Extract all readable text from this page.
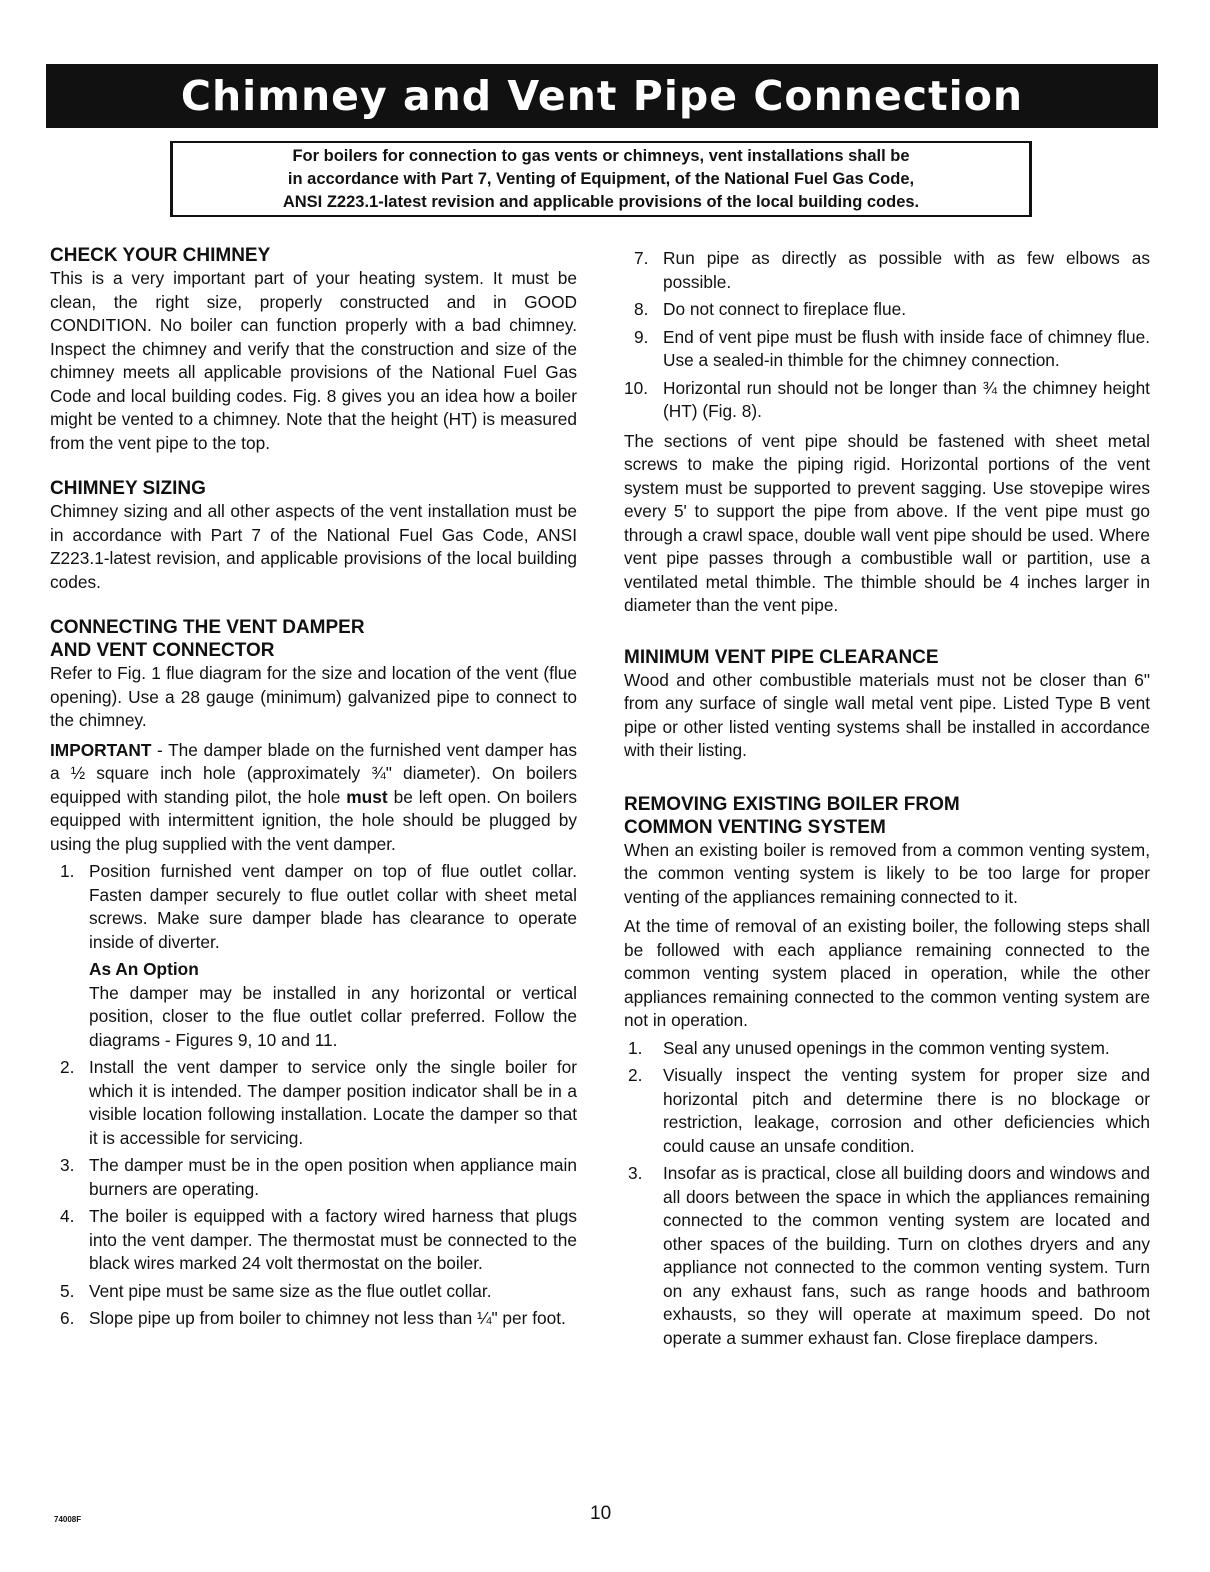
Chimney and Vent Pipe Connection
For boilers for connection to gas vents or chimneys, vent installations shall be
in accordance with Part 7, Venting of Equipment, of the National Fuel Gas Code,
ANSI Z223.1-latest revision and applicable provisions of the local building codes.
CHECK YOUR CHIMNEY

This is a very important part of your heating system. It must be clean, the right size, properly constructed and in GOOD CONDITION. No boiler can function properly with a bad chimney. Inspect the chimney and verify that the construction and size of the chimney meets all applicable provisions of the National Fuel Gas Code and local building codes. Fig. 8 gives you an idea how a boiler might be vented to a chimney. Note that the height (HT) is measured from the vent pipe to the top.

CHIMNEY SIZING

Chimney sizing and all other aspects of the vent installation must be in accordance with Part 7 of the National Fuel Gas Code, ANSI Z223.1-latest revision, and applicable provisions of the local building codes.

CONNECTING THE VENT DAMPER
AND VENT CONNECTOR

Refer to Fig. 1 flue diagram for the size and location of the vent (flue opening). Use a 28 gauge (minimum) galvanized pipe to connect to the chimney.

IMPORTANT - The damper blade on the furnished vent damper has a ½ square inch hole (approximately ¾" diameter). On boilers equipped with standing pilot, the hole must be left open. On boilers equipped with intermittent ignition, the hole should be plugged by using the plug supplied with the vent damper.

1. Position furnished vent damper on top of flue outlet collar. Fasten damper securely to flue outlet collar with sheet metal screws. Make sure damper blade has clearance to operate inside of diverter.
As An Option
The damper may be installed in any horizontal or vertical position, closer to the flue outlet collar preferred. Follow the diagrams - Figures 9, 10 and 11.
2. Install the vent damper to service only the single boiler for which it is intended. The damper position indicator shall be in a visible location following installation. Locate the damper so that it is accessible for servicing.
3. The damper must be in the open position when appliance main burners are operating.
4. The boiler is equipped with a factory wired harness that plugs into the vent damper. The thermostat must be connected to the black wires marked 24 volt thermostat on the boiler.
5. Vent pipe must be same size as the flue outlet collar.
6. Slope pipe up from boiler to chimney not less than ¼" per foot.
7. Run pipe as directly as possible with as few elbows as possible.
8. Do not connect to fireplace flue.
9. End of vent pipe must be flush with inside face of chimney flue. Use a sealed-in thimble for the chimney connection.
10. Horizontal run should not be longer than ¾ the chimney height (HT) (Fig. 8).

The sections of vent pipe should be fastened with sheet metal screws to make the piping rigid. Horizontal portions of the vent system must be supported to prevent sagging. Use stovepipe wires every 5' to support the pipe from above. If the vent pipe must go through a crawl space, double wall vent pipe should be used. Where vent pipe passes through a combustible wall or partition, use a ventilated metal thimble. The thimble should be 4 inches larger in diameter than the vent pipe.

MINIMUM VENT PIPE CLEARANCE

Wood and other combustible materials must not be closer than 6" from any surface of single wall metal vent pipe. Listed Type B vent pipe or other listed venting systems shall be installed in accordance with their listing.

REMOVING EXISTING BOILER FROM
COMMON VENTING SYSTEM

When an existing boiler is removed from a common venting system, the common venting system is likely to be too large for proper venting of the appliances remaining connected to it.

At the time of removal of an existing boiler, the following steps shall be followed with each appliance remaining connected to the common venting system placed in operation, while the other appliances remaining connected to the common venting system are not in operation.

1. Seal any unused openings in the common venting system.
2. Visually inspect the venting system for proper size and horizontal pitch and determine there is no blockage or restriction, leakage, corrosion and other deficiencies which could cause an unsafe condition.
3. Insofar as is practical, close all building doors and windows and all doors between the space in which the appliances remaining connected to the common venting system are located and other spaces of the building. Turn on clothes dryers and any appliance not connected to the common venting system. Turn on any exhaust fans, such as range hoods and bathroom exhausts, so they will operate at maximum speed. Do not operate a summer exhaust fan. Close fireplace dampers.
74008F	10
